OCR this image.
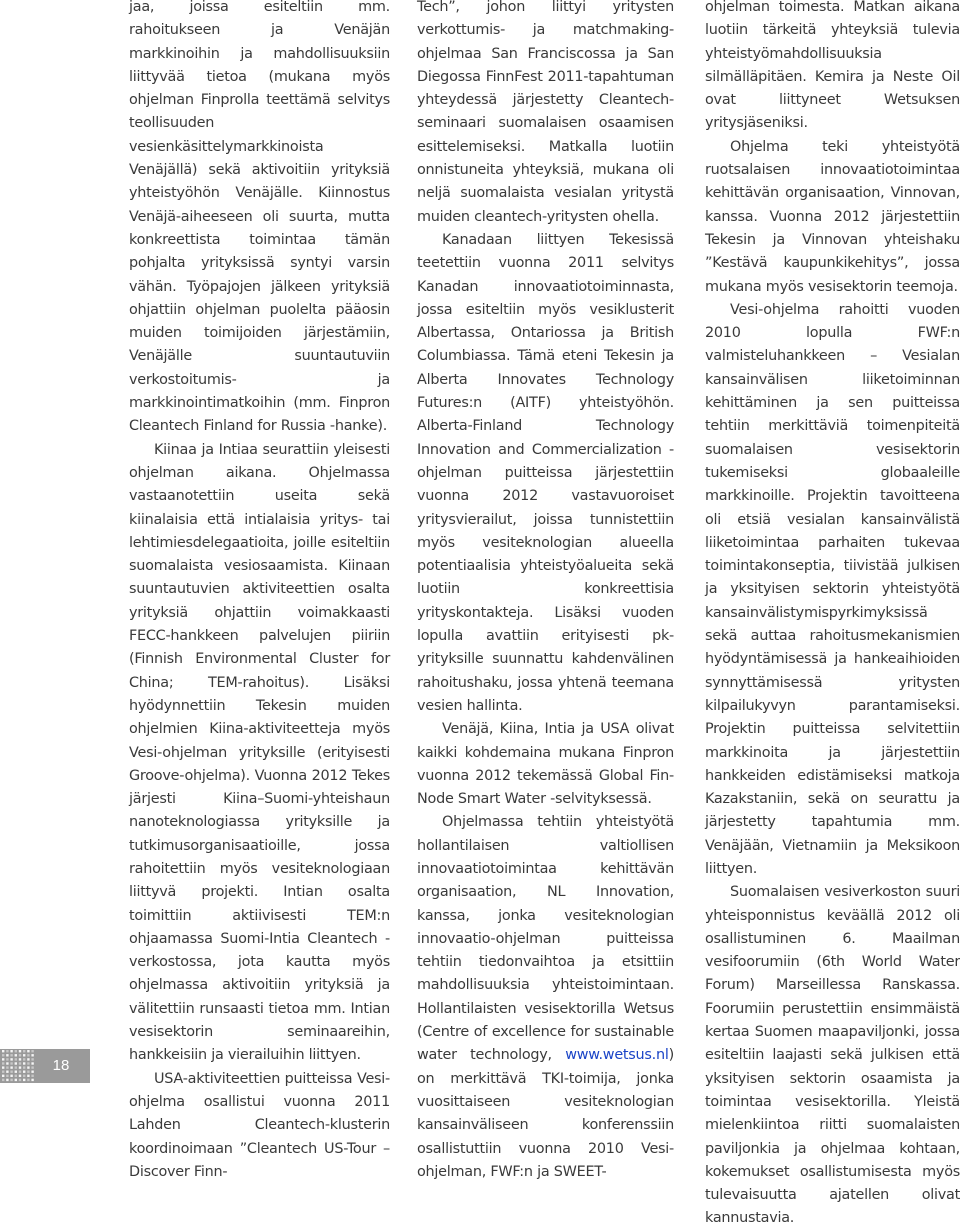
jaa, joissa esiteltiin mm. rahoitukseen ja Venäjän markkinoihin ja mahdollisuuksiin liittyvää tietoa (mukana myös ohjelman Finprolla teettämä selvitys teollisuuden vesienkäsittelymarkkinoista Venäjällä) sekä aktivoitiin yrityksiä yhteistyöhön Venäjälle. Kiinnostus Venäjä-aiheeseen oli suurta, mutta konkreettista toimintaa tämän pohjalta yrityksissä syntyi varsin vähän. Työpajojen jälkeen yrityksiä ohjattiin ohjelman puolelta pääosin muiden toimijoiden järjestämiin, Venäjälle suuntautuviin verkostoitumis- ja markkinointimatkoihin (mm. Finpron Cleantech Finland for Russia -hanke).

Kiinaa ja Intiaa seurattiin yleisesti ohjelman aikana. Ohjelmassa vastaanotettiin useita sekä kiinalaisia että intialaisia yritys- tai lehtimiesdelegaatioita, joille esiteltiin suomalaista vesiosaamista. Kiinaan suuntautuvien aktiviteettien osalta yrityksiä ohjattiin voimakkaasti FECC-hankkeen palvelujen piiriin (Finnish Environmental Cluster for China; TEM-rahoitus). Lisäksi hyödynnettiin Tekesin muiden ohjelmien Kiina-aktiviteetteja myös Vesi-ohjelman yrityksille (erityisesti Groove-ohjelma). Vuonna 2012 Tekes järjesti Kiina–Suomi-yhteishaun nanoteknologiassa yrityksille ja tutkimusorganisaatioille, jossa rahoitettiin myös vesiteknologiaan liittyvä projekti. Intian osalta toimittiin aktiivisesti TEM:n ohjaamassa Suomi-Intia Cleantech -verkostossa, jota kautta myös ohjelmassa aktivoitiin yrityksiä ja välitettiin runsaasti tietoa mm. Intian vesisektorin seminaareihin, hankkeisiin ja vierailuihin liittyen.

USA-aktiviteettien puitteissa Vesi-ohjelma osallistui vuonna 2011 Lahden Cleantech-klusterin koordinoimaan ”Cleantech US-Tour – Discover Finn-

Tech”, johon liittyi yritysten verkottumis- ja matchmaking-ohjelmaa San Franciscossa ja San Diegossa FinnFest 2011-tapahtuman yhteydessä järjestetty Cleantech-seminaari suomalaisen osaamisen esittelemiseksi. Matkalla luotiin onnistuneita yhteyksiä, mukana oli neljä suomalaista vesialan yritystä muiden cleantech-yritysten ohella.

Kanadaan liittyen Tekesissä teetettiin vuonna 2011 selvitys Kanadan innovaatiotoiminnasta, jossa esiteltiin myös vesiklusterit Albertassa, Ontariossa ja British Columbiassa. Tämä eteni Tekesin ja Alberta Innovates Technology Futures:n (AITF) yhteistyöhön. Alberta-Finland Technology Innovation and Commercialization -ohjelman puitteissa järjestettiin vuonna 2012 vastavuoroiset yritysvierailut, joissa tunnistettiin myös vesiteknologian alueella potentiaalisia yhteistyöalueita sekä luotiin konkreettisia yrityskontakteja. Lisäksi vuoden lopulla avattiin erityisesti pk-yrityksille suunnattu kahdenvälinen rahoitushaku, jossa yhtenä teemana vesien hallinta.

Venäjä, Kiina, Intia ja USA olivat kaikki kohdemaina mukana Finpron vuonna 2012 tekemässä Global Fin-Node Smart Water -selvityksessä.

Ohjelmassa tehtiin yhteistyötä hollantilaisen valtiollisen innovaatiotoimintaa kehittävän organisaation, NL Innovation, kanssa, jonka vesiteknologian innovaatio-ohjelman puitteissa tehtiin tiedonvaihtoa ja etsittiin mahdollisuuksia yhteistoimintaan. Hollantilaisten vesisektorilla Wetsus (Centre of excellence for sustainable water technology, www.wetsus.nl) on merkittävä TKI-toimija, jonka vuosittaiseen vesiteknologian kansainväliseen konferenssiin osallistuttiin vuonna 2010 Vesi-ohjelman, FWF:n ja SWEET-

ohjelman toimesta. Matkan aikana luotiin tärkeitä yhteyksiä tulevia yhteistyömahdollisuuksia silmälläpitäen. Kemira ja Neste Oil ovat liittyneet Wetsuksen yritysjäseniksi.

Ohjelma teki yhteistyötä ruotsalaisen innovaatiotoimintaa kehittävän organisaation, Vinnovan, kanssa. Vuonna 2012 järjestettiin Tekesin ja Vinnovan yhteishaku ”Kestävä kaupunkikehitys”, jossa mukana myös vesisektorin teemoja.

Vesi-ohjelma rahoitti vuoden 2010 lopulla FWF:n valmisteluhankkeen – Vesialan kansainvälisen liiketoiminnan kehittäminen ja sen puitteissa tehtiin merkittäviä toimenpiteitä suomalaisen vesisektorin tukemiseksi globaaleille markkinoille. Projektin tavoitteena oli etsiä vesialan kansainvälistä liiketoimintaa parhaiten tukevaa toimintakonseptia, tiivistää julkisen ja yksityisen sektorin yhteistyötä kansainvälistymispyrkimyksissä sekä auttaa rahoitusmekanismien hyödyntämisessä ja hankeaihioiden synnyttämisessä yritysten kilpailukyvyn parantamiseksi. Projektin puitteissa selvitettiin markkinoita ja järjestettiin hankkeiden edistämiseksi matkoja Kazakstaniin, sekä on seurattu ja järjestetty tapahtumia mm. Venäjään, Vietnamiin ja Meksikoon liittyen.

Suomalaisen vesiverkoston suuri yhteisponnistus keväällä 2012 oli osallistuminen 6. Maailman vesifoorumiin (6th World Water Forum) Marseillessa Ranskassa. Foorumiin perustettiin ensimmäistä kertaa Suomen maapaviljonki, jossa esiteltiin laajasti sekä julkisen että yksityisen sektorin osaamista ja toimintaa vesisektorilla. Yleistä mielenkiintoa riitti suomalaisten paviljonkia ja ohjelmaa kohtaan, kokemukset osallistumisesta myös tulevaisuutta ajatellen olivat kannustavia.

18
